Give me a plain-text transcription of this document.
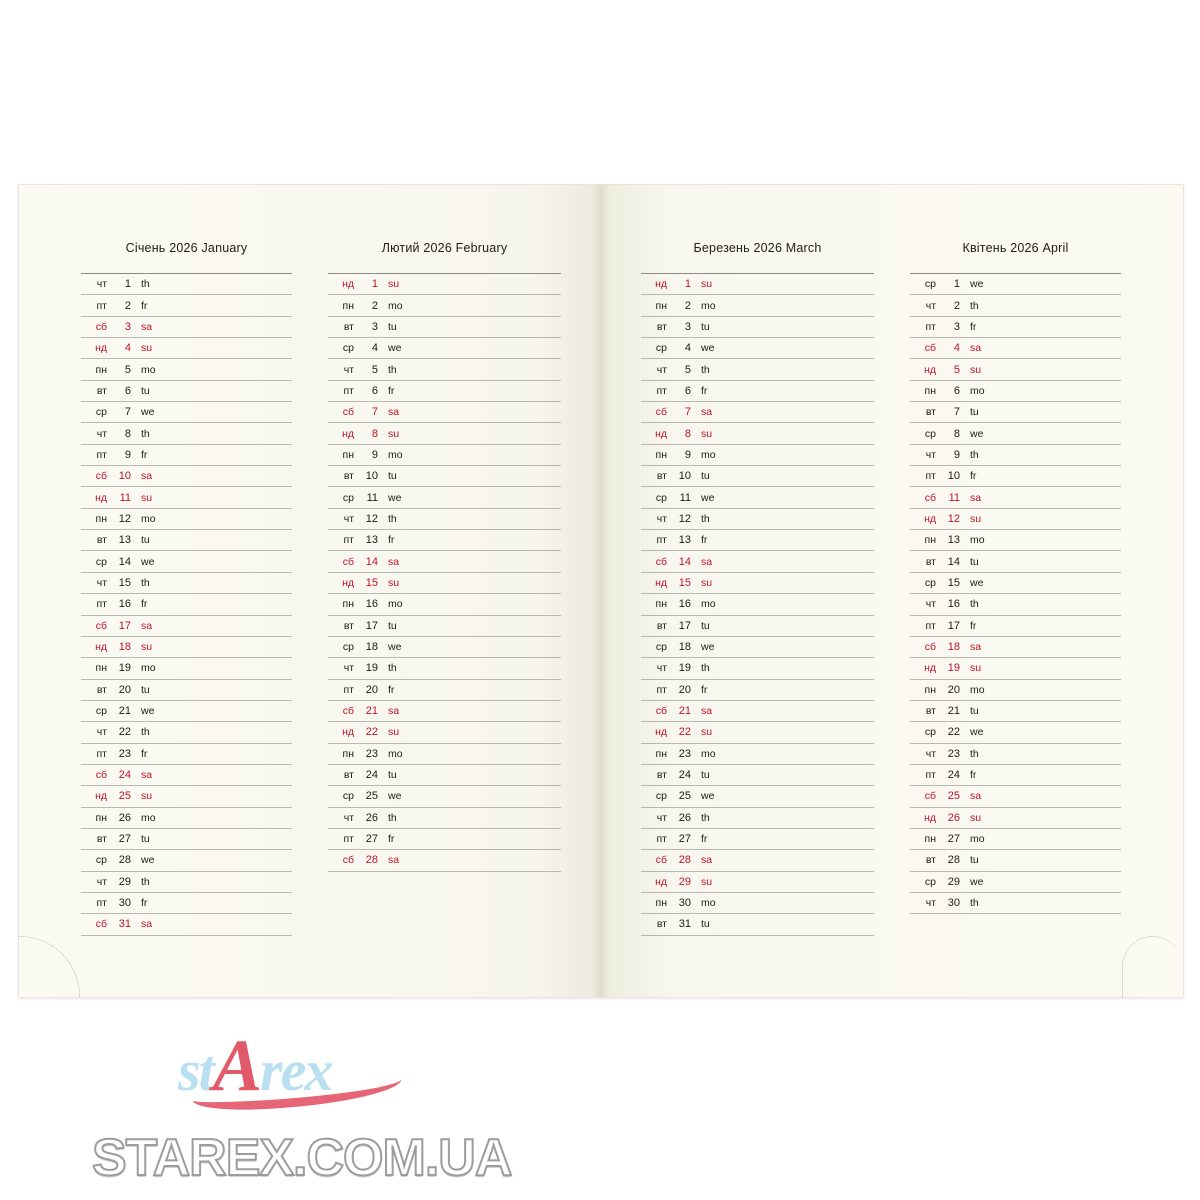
Січень 2026 January
чт	1 th
пт	2 fr
сб	3 sa
нд	4 su
пн	5 mo
вт	6 tu
ср	7 we
чт	8 th
пт	9 fr
сб	10 sa
нд	11 su
пн	12 mo
вт	13 tu
ср	14 we
чт	15 th
пт	16 fr
сб	17 sa
нд	18 su
пн	19 mo
вт	20 tu
ср	21 we
чт	22 th
пт	23 fr
сб	24 sa
нд	25 su
пн	26 mo
вт	27 tu
ср	28 we
чт	29 th
пт	30 fr
сб	31 sa
Лютий 2026 February
нд	1 su
пн	2 mo
вт	3 tu
ср	4 we
чт	5 th
пт	6 fr
сб	7 sa
нд	8 su
пн	9 mo
вт	10 tu
ср	11 we
чт	12 th
пт	13 fr
сб	14 sa
нд	15 su
пн	16 mo
вт	17 tu
ср	18 we
чт	19 th
пт	20 fr
сб	21 sa
нд	22 su
пн	23 mo
вт	24 tu
ср	25 we
чт	26 th
пт	27 fr
сб	28 sa
Березень 2026 March
нд	1 su
пн	2 mo
вт	3 tu
ср	4 we
чт	5 th
пт	6 fr
сб	7 sa
нд	8 su
пн	9 mo
вт	10 tu
ср	11 we
чт	12 th
пт	13 fr
сб	14 sa
нд	15 su
пн	16 mo
вт	17 tu
ср	18 we
чт	19 th
пт	20 fr
сб	21 sa
нд	22 su
пн	23 mo
вт	24 tu
ср	25 we
чт	26 th
пт	27 fr
сб	28 sa
нд	29 su
пн	30 mo
вт	31 tu
Квітень 2026 April
ср	1 we
чт	2 th
пт	3 fr
сб	4 sa
нд	5 su
пн	6 mo
вт	7 tu
ср	8 we
чт	9 th
пт	10 fr
сб	11 sa
нд	12 su
пн	13 mo
вт	14 tu
ср	15 we
чт	16 th
пт	17 fr
сб	18 sa
нд	19 su
пн	20 mo
вт	21 tu
ср	22 we
чт	23 th
пт	24 fr
сб	25 sa
нд	26 su
пн	27 mo
вт	28 tu
ср	29 we
чт	30 th
stArex
STAREX.COM.UA
